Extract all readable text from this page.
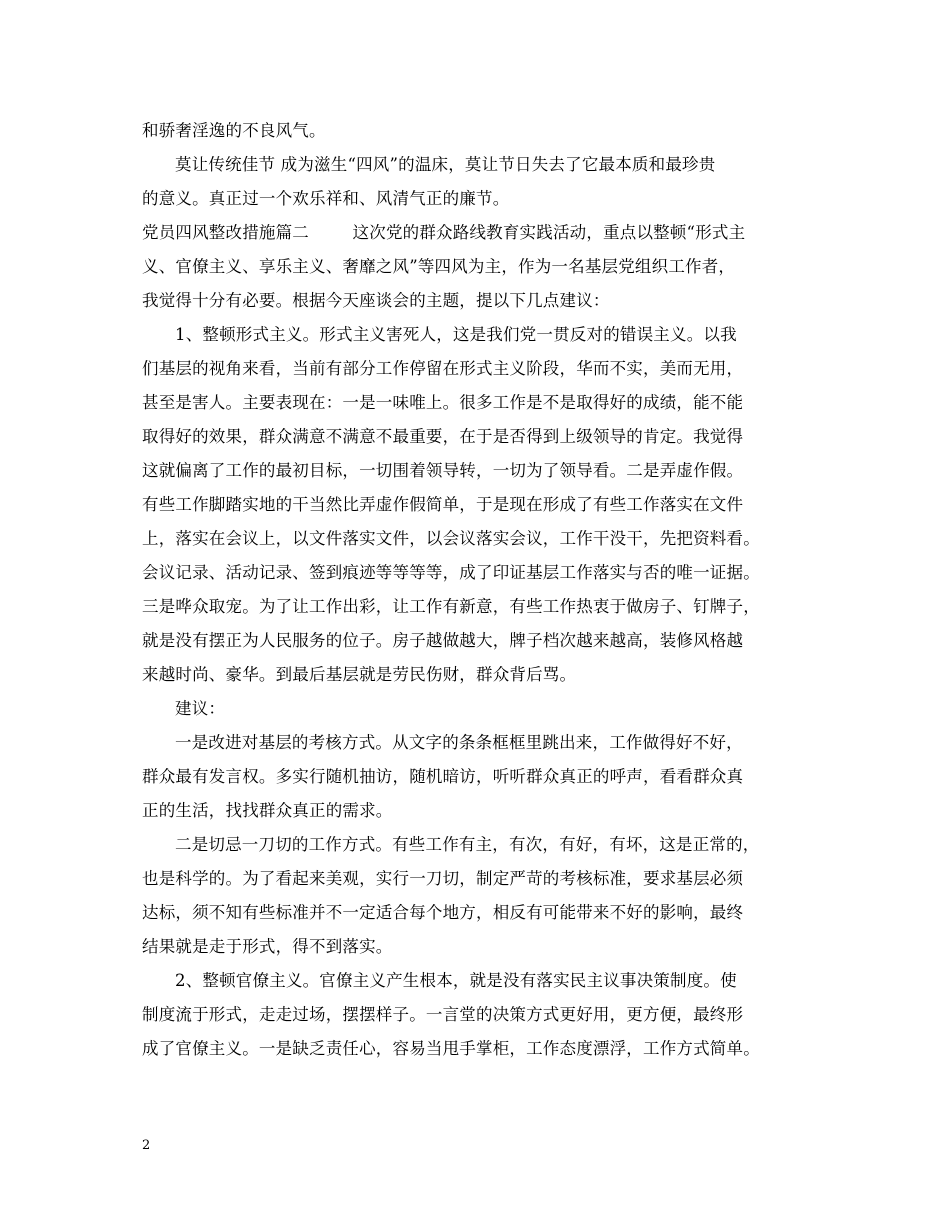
和骄奢淫逸的不良风气。
莫让传统佳节 成为滋生“四风”的温床，莫让节日失去了它最本质和最珍贵
的意义。真正过一个欢乐祥和、风清气正的廉节。
党员四风整改措施篇二        这次党的群众路线教育实践活动，重点以整顿“形式主
义、官僚主义、享乐主义、奢靡之风”等四风为主，作为一名基层党组织工作者，
我觉得十分有必要。根据今天座谈会的主题，提以下几点建议：
1、整顿形式主义。形式主义害死人，这是我们党一贯反对的错误主义。以我
们基层的视角来看，当前有部分工作停留在形式主义阶段，华而不实，美而无用，
甚至是害人。主要表现在：一是一味唯上。很多工作是不是取得好的成绩，能不能
取得好的效果，群众满意不满意不最重要，在于是否得到上级领导的肯定。我觉得
这就偏离了工作的最初目标，一切围着领导转，一切为了领导看。二是弄虚作假。
有些工作脚踏实地的干当然比弄虚作假简单，于是现在形成了有些工作落实在文件
上，落实在会议上，以文件落实文件，以会议落实会议，工作干没干，先把资料看。
会议记录、活动记录、签到痕迹等等等等，成了印证基层工作落实与否的唯一证据。
三是哗众取宠。为了让工作出彩，让工作有新意，有些工作热衷于做房子、钉牌子，
就是没有摆正为人民服务的位子。房子越做越大，牌子档次越来越高，装修风格越
来越时尚、豪华。到最后基层就是劳民伤财，群众背后骂。
建议：
一是改进对基层的考核方式。从文字的条条框框里跳出来，工作做得好不好，
群众最有发言权。多实行随机抽访，随机暗访，听听群众真正的呼声，看看群众真
正的生活，找找群众真正的需求。
二是切忌一刀切的工作方式。有些工作有主，有次，有好，有坏，这是正常的，
也是科学的。为了看起来美观，实行一刀切，制定严苛的考核标准，要求基层必须
达标，须不知有些标准并不一定适合每个地方，相反有可能带来不好的影响，最终
结果就是走于形式，得不到落实。
2、整顿官僚主义。官僚主义产生根本，就是没有落实民主议事决策制度。使
制度流于形式，走走过场，摆摆样子。一言堂的决策方式更好用，更方便，最终形
成了官僚主义。一是缺乏责任心，容易当甩手掌柜，工作态度漂浮，工作方式简单。
2
